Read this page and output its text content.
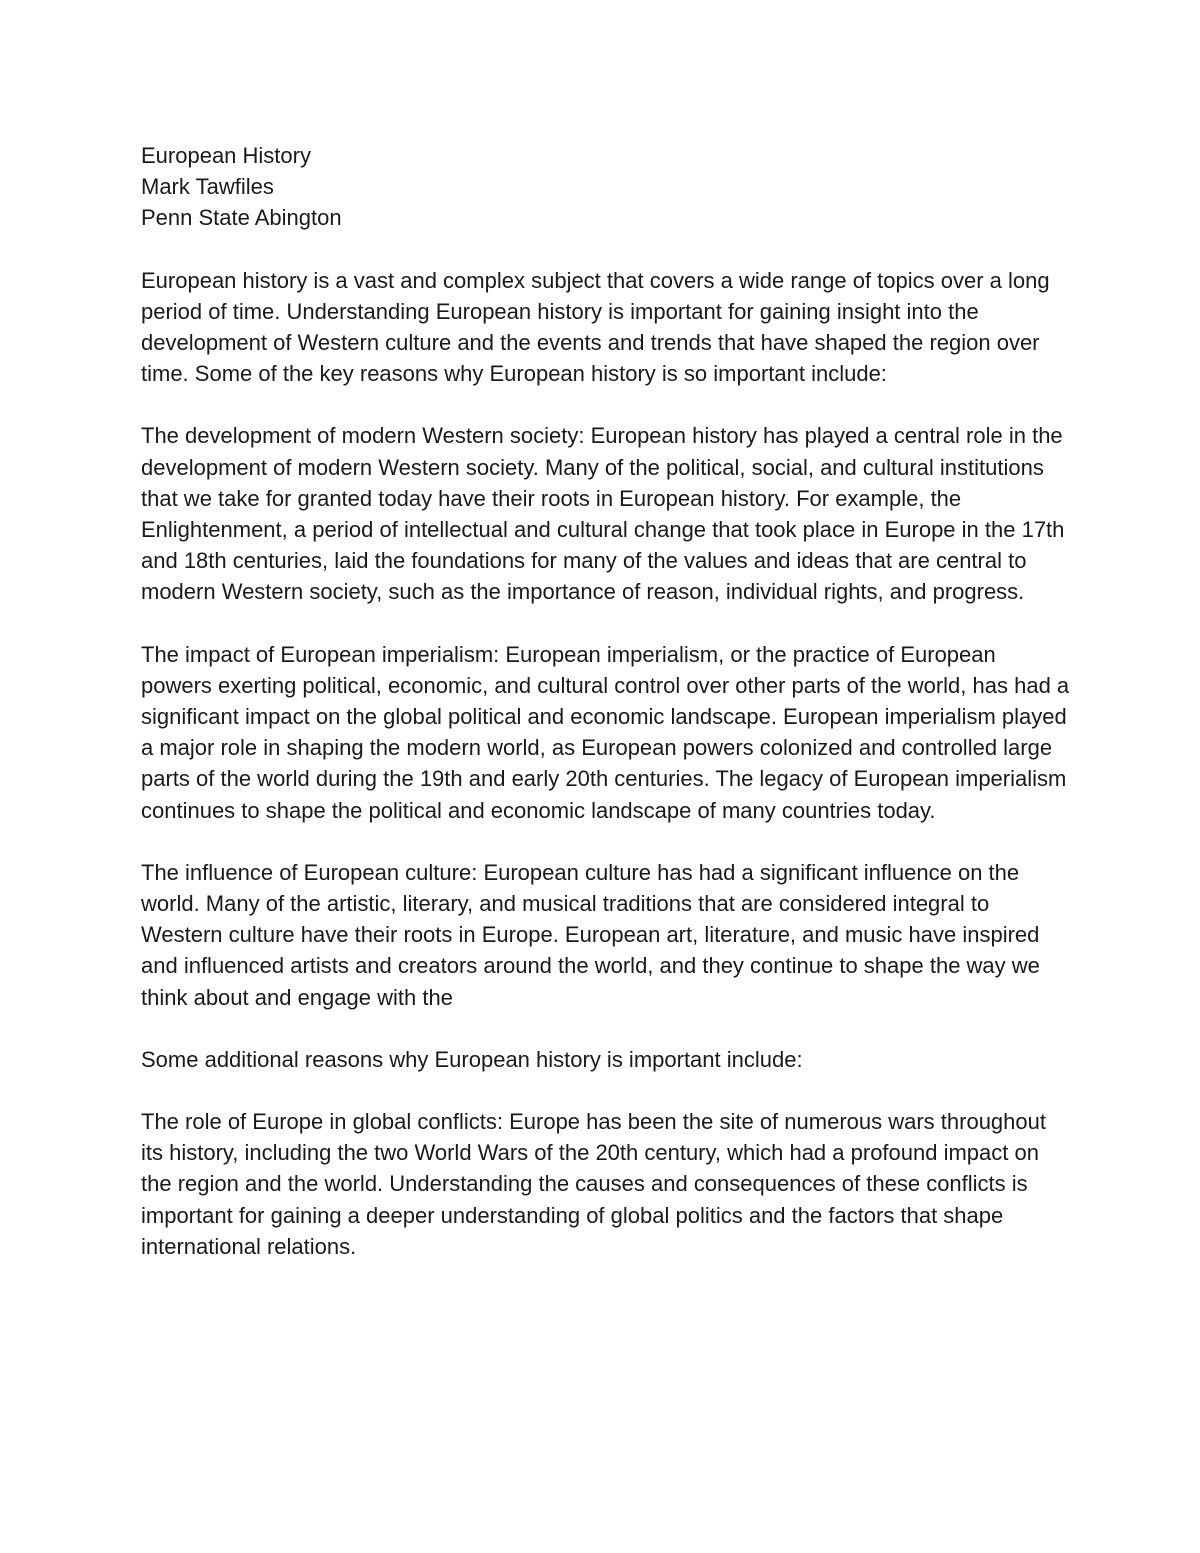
European History
Mark Tawfiles
Penn State Abington

European history is a vast and complex subject that covers a wide range of topics over a long period of time. Understanding European history is important for gaining insight into the development of Western culture and the events and trends that have shaped the region over time. Some of the key reasons why European history is so important include:

The development of modern Western society: European history has played a central role in the development of modern Western society. Many of the political, social, and cultural institutions that we take for granted today have their roots in European history. For example, the Enlightenment, a period of intellectual and cultural change that took place in Europe in the 17th and 18th centuries, laid the foundations for many of the values and ideas that are central to modern Western society, such as the importance of reason, individual rights, and progress.

The impact of European imperialism: European imperialism, or the practice of European powers exerting political, economic, and cultural control over other parts of the world, has had a significant impact on the global political and economic landscape. European imperialism played a major role in shaping the modern world, as European powers colonized and controlled large parts of the world during the 19th and early 20th centuries. The legacy of European imperialism continues to shape the political and economic landscape of many countries today.

The influence of European culture: European culture has had a significant influence on the world. Many of the artistic, literary, and musical traditions that are considered integral to Western culture have their roots in Europe. European art, literature, and music have inspired and influenced artists and creators around the world, and they continue to shape the way we think about and engage with the

Some additional reasons why European history is important include:

The role of Europe in global conflicts: Europe has been the site of numerous wars throughout its history, including the two World Wars of the 20th century, which had a profound impact on the region and the world. Understanding the causes and consequences of these conflicts is important for gaining a deeper understanding of global politics and the factors that shape international relations.
